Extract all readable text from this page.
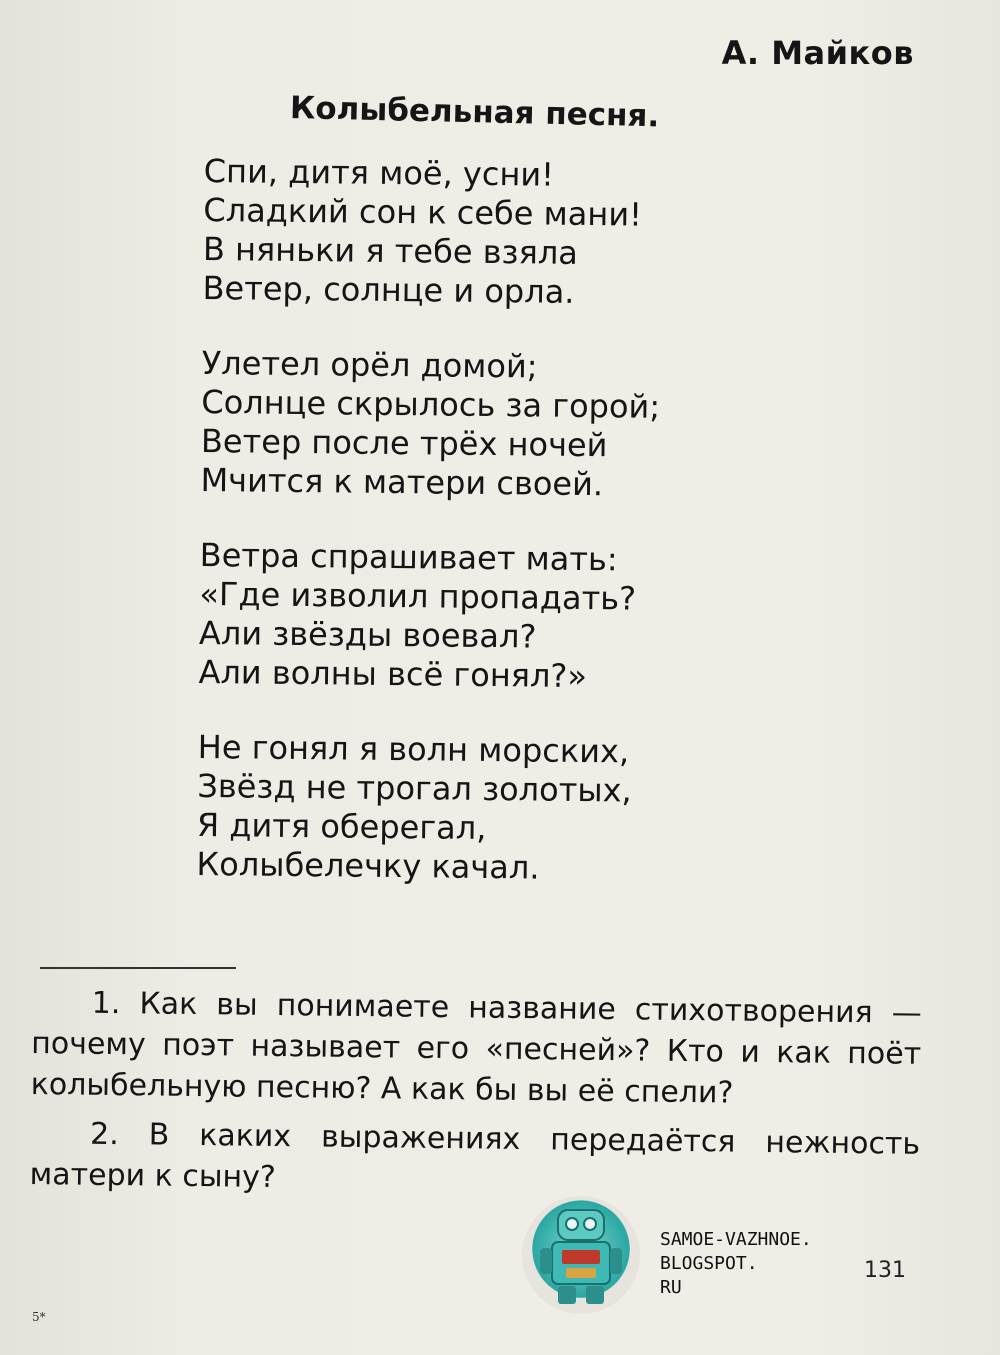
А. Майков
Колыбельная песня.
Спи, дитя моё, усни!
Сладкий сон к себе мани!
В няньки я тебе взяла
Ветер, солнце и орла.
Улетел орёл домой;
Солнце скрылось за горой;
Ветер после трёх ночей
Мчится к матери своей.
Ветра спрашивает мать:
«Где изволил пропадать?
Али звёзды воевал?
Али волны всё гонял?»
Не гонял я волн морских,
Звёзд не трогал золотых,
Я дитя оберегал,
Колыбелечку качал.

1. Как вы понимаете название стихотворения — почему поэт называет его «песней»? Кто и как поёт колыбельную песню? А как бы вы её спели?

2. В каких выражениях передаётся нежность матери к сыну?

SAMOE-VAZHNOE.
BLOGSPOT.
RU
131
5*
